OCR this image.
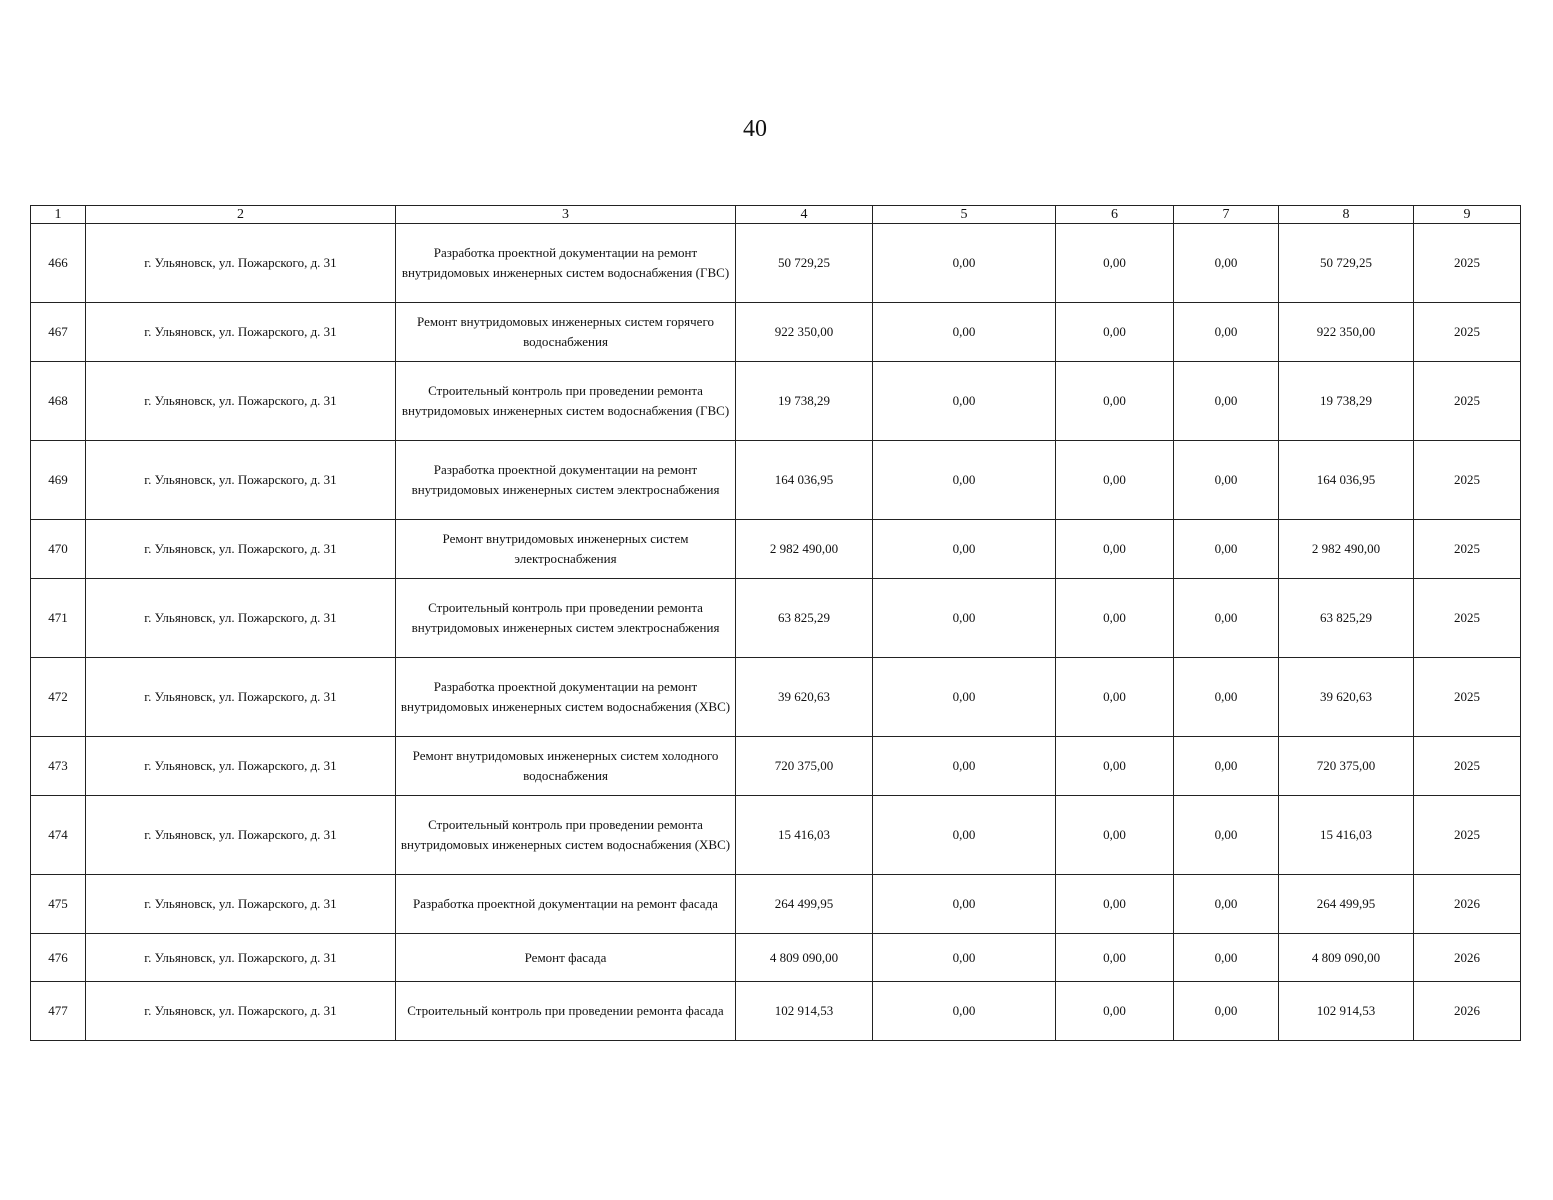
40
1	2	3	4	5	6	7	8	9
466	г. Ульяновск, ул. Пожарского, д. 31	Разработка проектной документации на ремонт внутридомовых инженерных систем водоснабжения (ГВС)	50 729,25	0,00	0,00	0,00	50 729,25	2025
467	г. Ульяновск, ул. Пожарского, д. 31	Ремонт внутридомовых инженерных систем горячего водоснабжения	922 350,00	0,00	0,00	0,00	922 350,00	2025
468	г. Ульяновск, ул. Пожарского, д. 31	Строительный контроль при проведении ремонта внутридомовых инженерных систем водоснабжения (ГВС)	19 738,29	0,00	0,00	0,00	19 738,29	2025
469	г. Ульяновск, ул. Пожарского, д. 31	Разработка проектной документации на ремонт внутридомовых инженерных систем электроснабжения	164 036,95	0,00	0,00	0,00	164 036,95	2025
470	г. Ульяновск, ул. Пожарского, д. 31	Ремонт внутридомовых инженерных систем электроснабжения	2 982 490,00	0,00	0,00	0,00	2 982 490,00	2025
471	г. Ульяновск, ул. Пожарского, д. 31	Строительный контроль при проведении ремонта внутридомовых инженерных систем электроснабжения	63 825,29	0,00	0,00	0,00	63 825,29	2025
472	г. Ульяновск, ул. Пожарского, д. 31	Разработка проектной документации на ремонт внутридомовых инженерных систем водоснабжения (ХВС)	39 620,63	0,00	0,00	0,00	39 620,63	2025
473	г. Ульяновск, ул. Пожарского, д. 31	Ремонт внутридомовых инженерных систем холодного водоснабжения	720 375,00	0,00	0,00	0,00	720 375,00	2025
474	г. Ульяновск, ул. Пожарского, д. 31	Строительный контроль при проведении ремонта внутридомовых инженерных систем водоснабжения (ХВС)	15 416,03	0,00	0,00	0,00	15 416,03	2025
475	г. Ульяновск, ул. Пожарского, д. 31	Разработка проектной документации на ремонт фасада	264 499,95	0,00	0,00	0,00	264 499,95	2026
476	г. Ульяновск, ул. Пожарского, д. 31	Ремонт фасада	4 809 090,00	0,00	0,00	0,00	4 809 090,00	2026
477	г. Ульяновск, ул. Пожарского, д. 31	Строительный контроль при проведении ремонта фасада	102 914,53	0,00	0,00	0,00	102 914,53	2026
